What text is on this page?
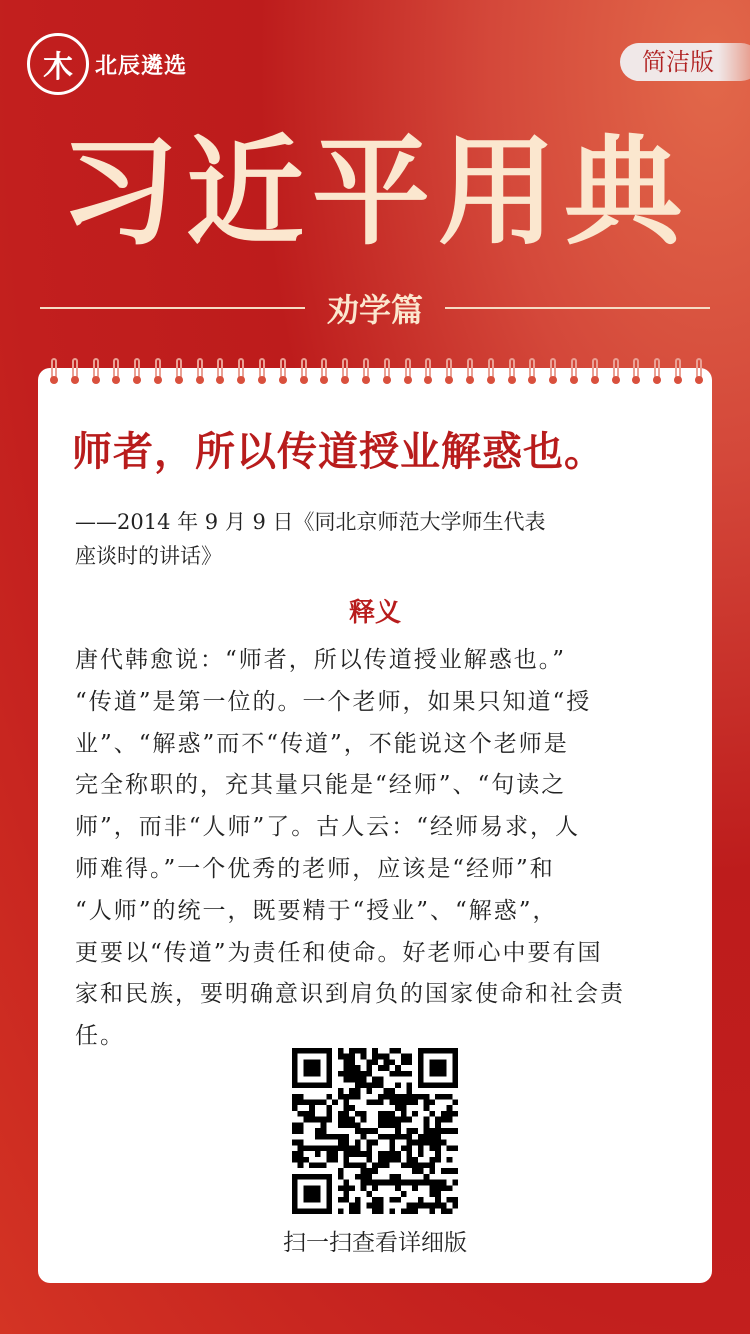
木 北辰遴选	简洁版
习近平用典
劝学篇
师者，所以传道授业解惑也。
——2014 年 9 月 9 日《同北京师范大学师生代表
座谈时的讲话》
释义
唐代韩愈说：“师者，所以传道授业解惑也。”
“传道”是第一位的。一个老师，如果只知道“授
业”、“解惑”而不“传道”，不能说这个老师是
完全称职的，充其量只能是“经师”、“句读之
师”，而非“人师”了。古人云：“经师易求，人
师难得。”一个优秀的老师，应该是“经师”和
“人师”的统一，既要精于“授业”、“解惑”，
更要以“传道”为责任和使命。好老师心中要有国
家和民族，要明确意识到肩负的国家使命和社会责
任。
扫一扫查看详细版
